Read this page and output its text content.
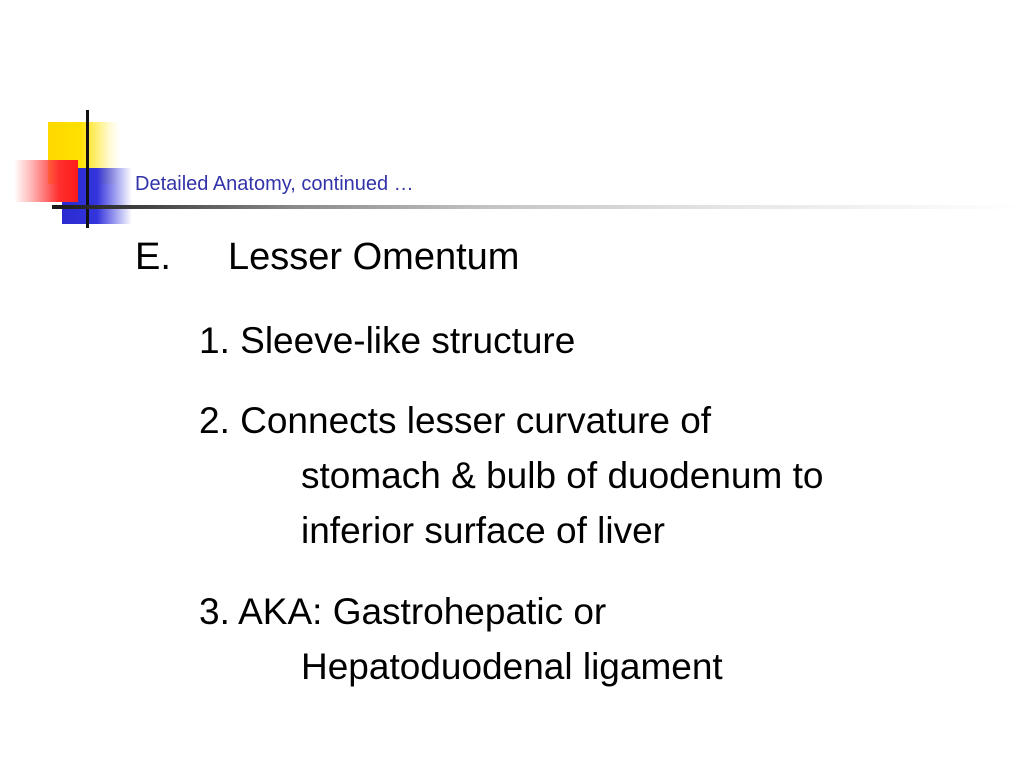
Detailed Anatomy, continued …
E. Lesser Omentum
1. Sleeve-like structure
2. Connects lesser curvature of
stomach & bulb of duodenum to
inferior surface of liver
3. AKA: Gastrohepatic or
Hepatoduodenal ligament
